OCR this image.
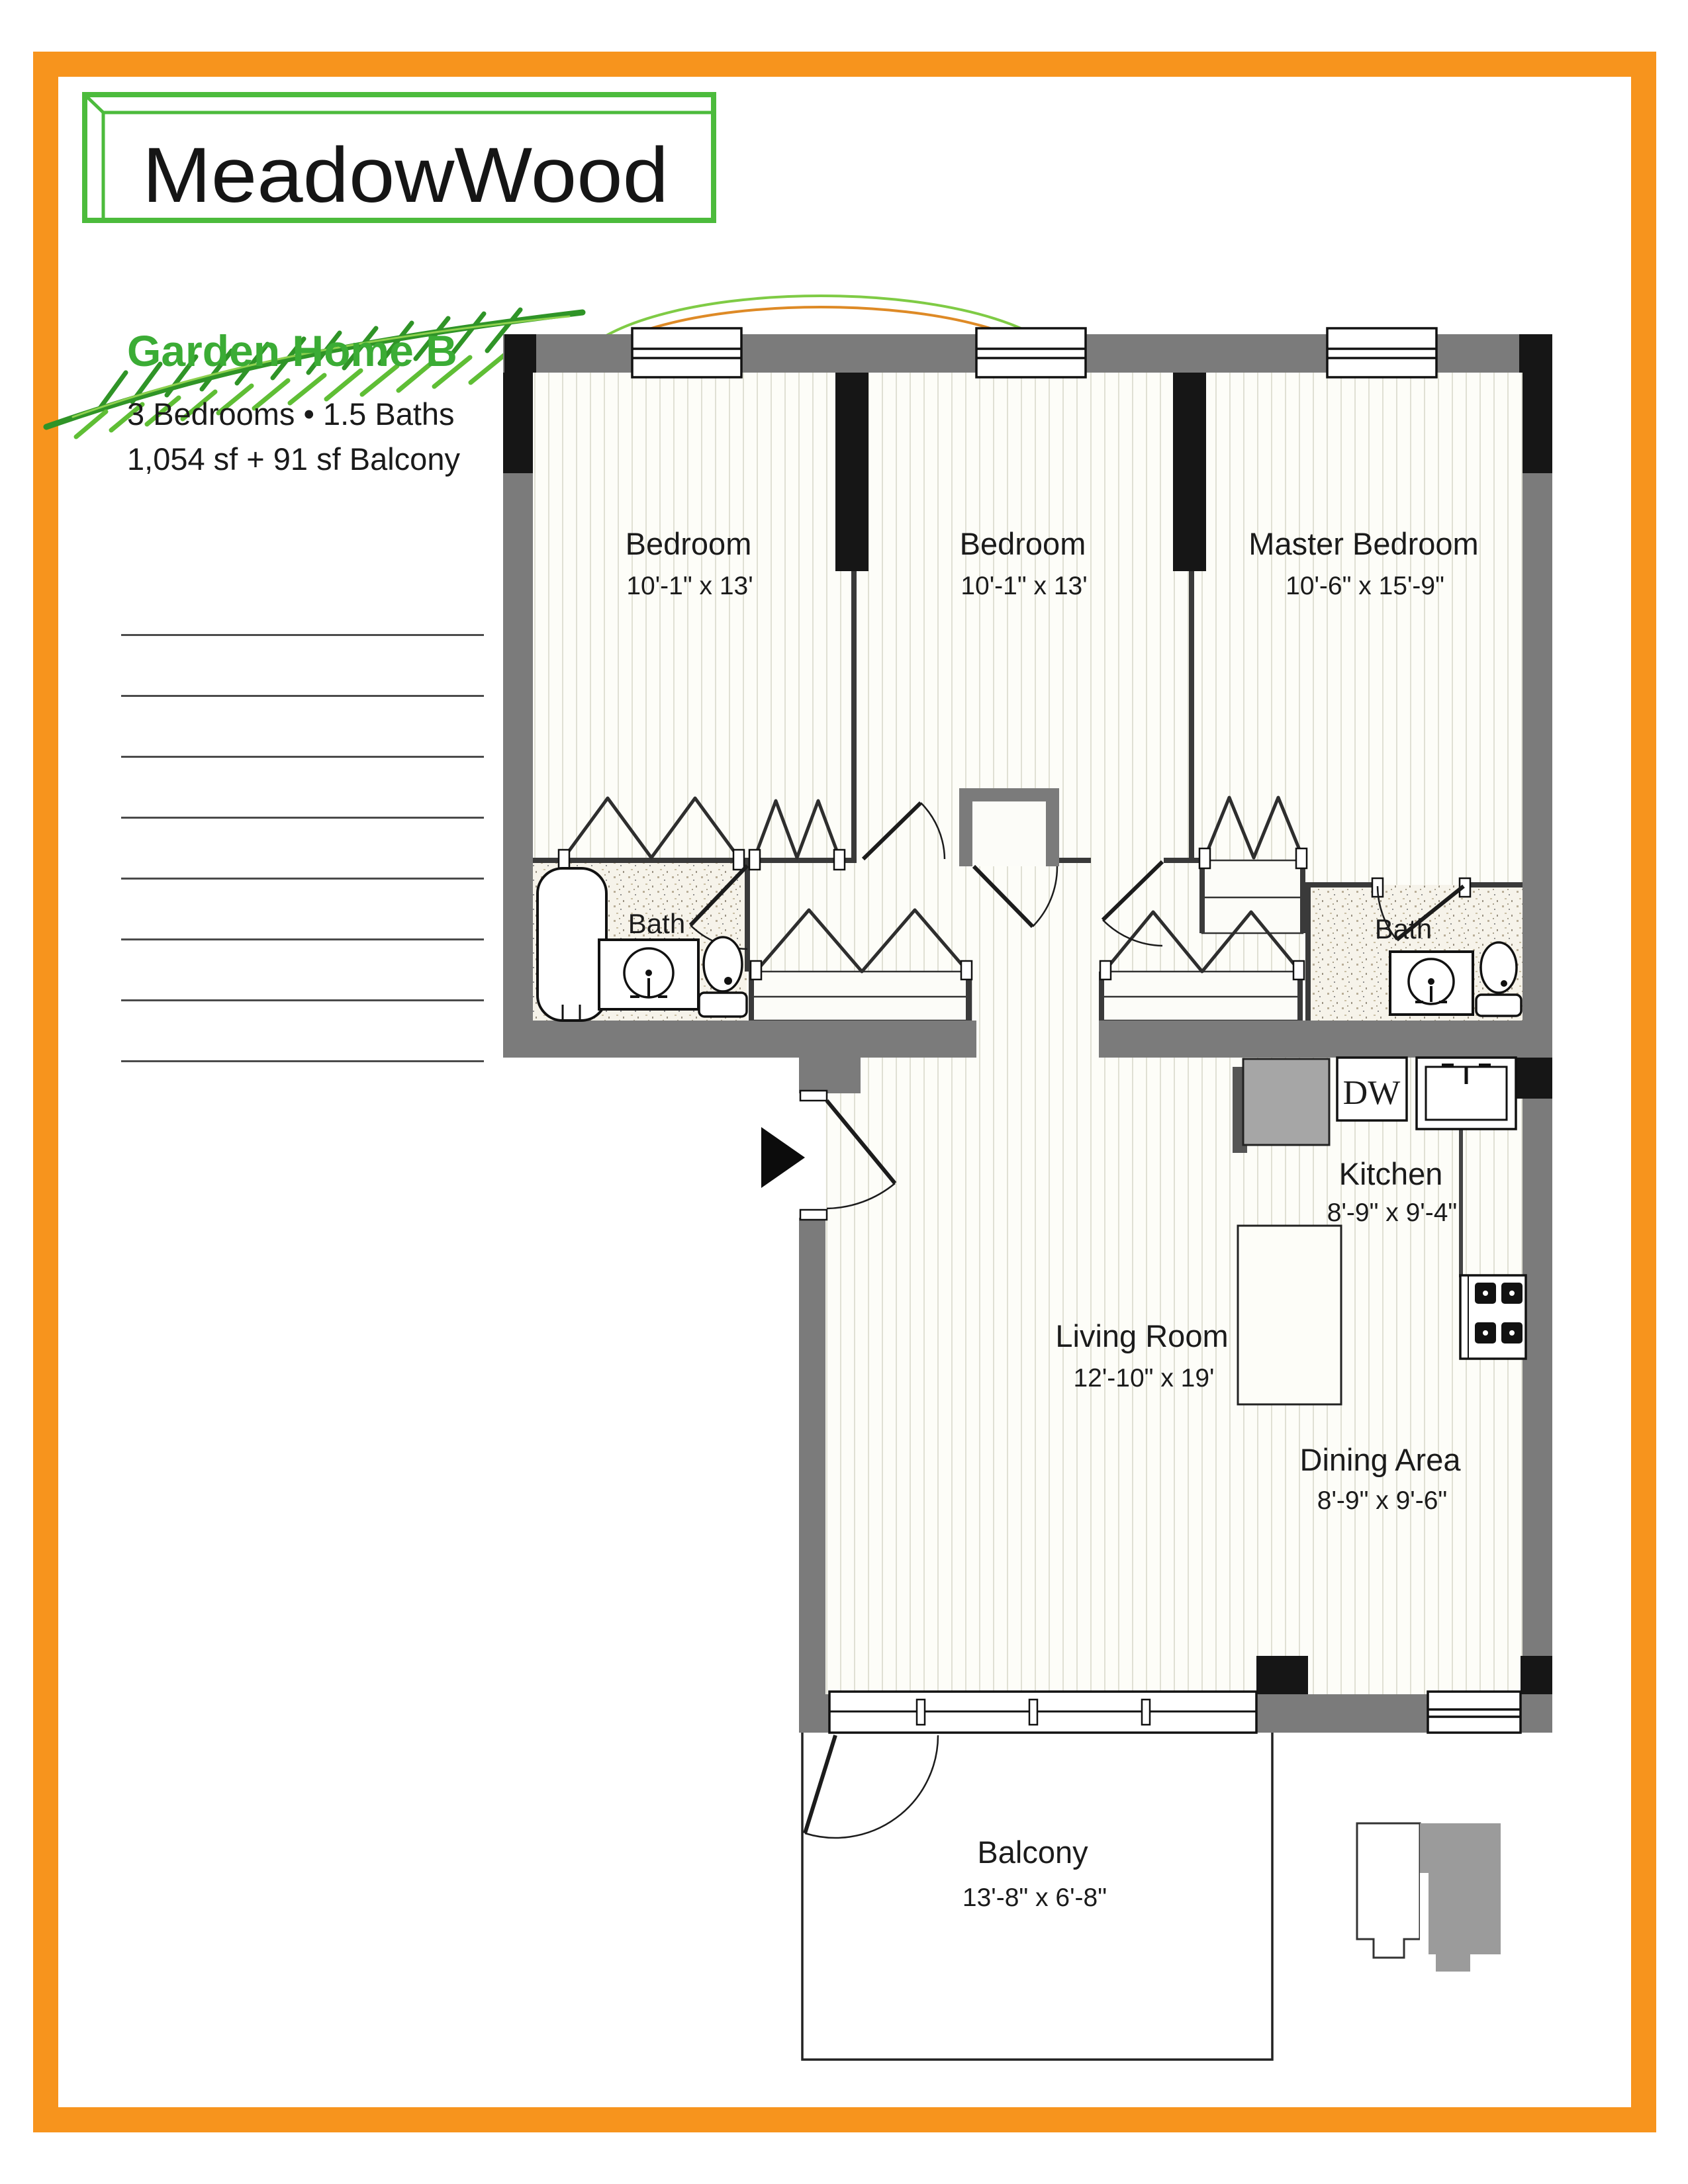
MeadowWood
Garden Home B

3 Bedrooms • 1.5 Baths

1,054 sf + 91 sf Balcony

DW
Bedroom
10'-1" x 13'
Bedroom
10'-1" x 13'
Master Bedroom
10'-6" x 15'-9"
Bath	Bath
Kitchen
8'-9" x 9'-4"
Living Room
12'-10" x 19'
Dining Area
8'-9" x 9'-6"
Balcony
13'-8" x 6'-8"
